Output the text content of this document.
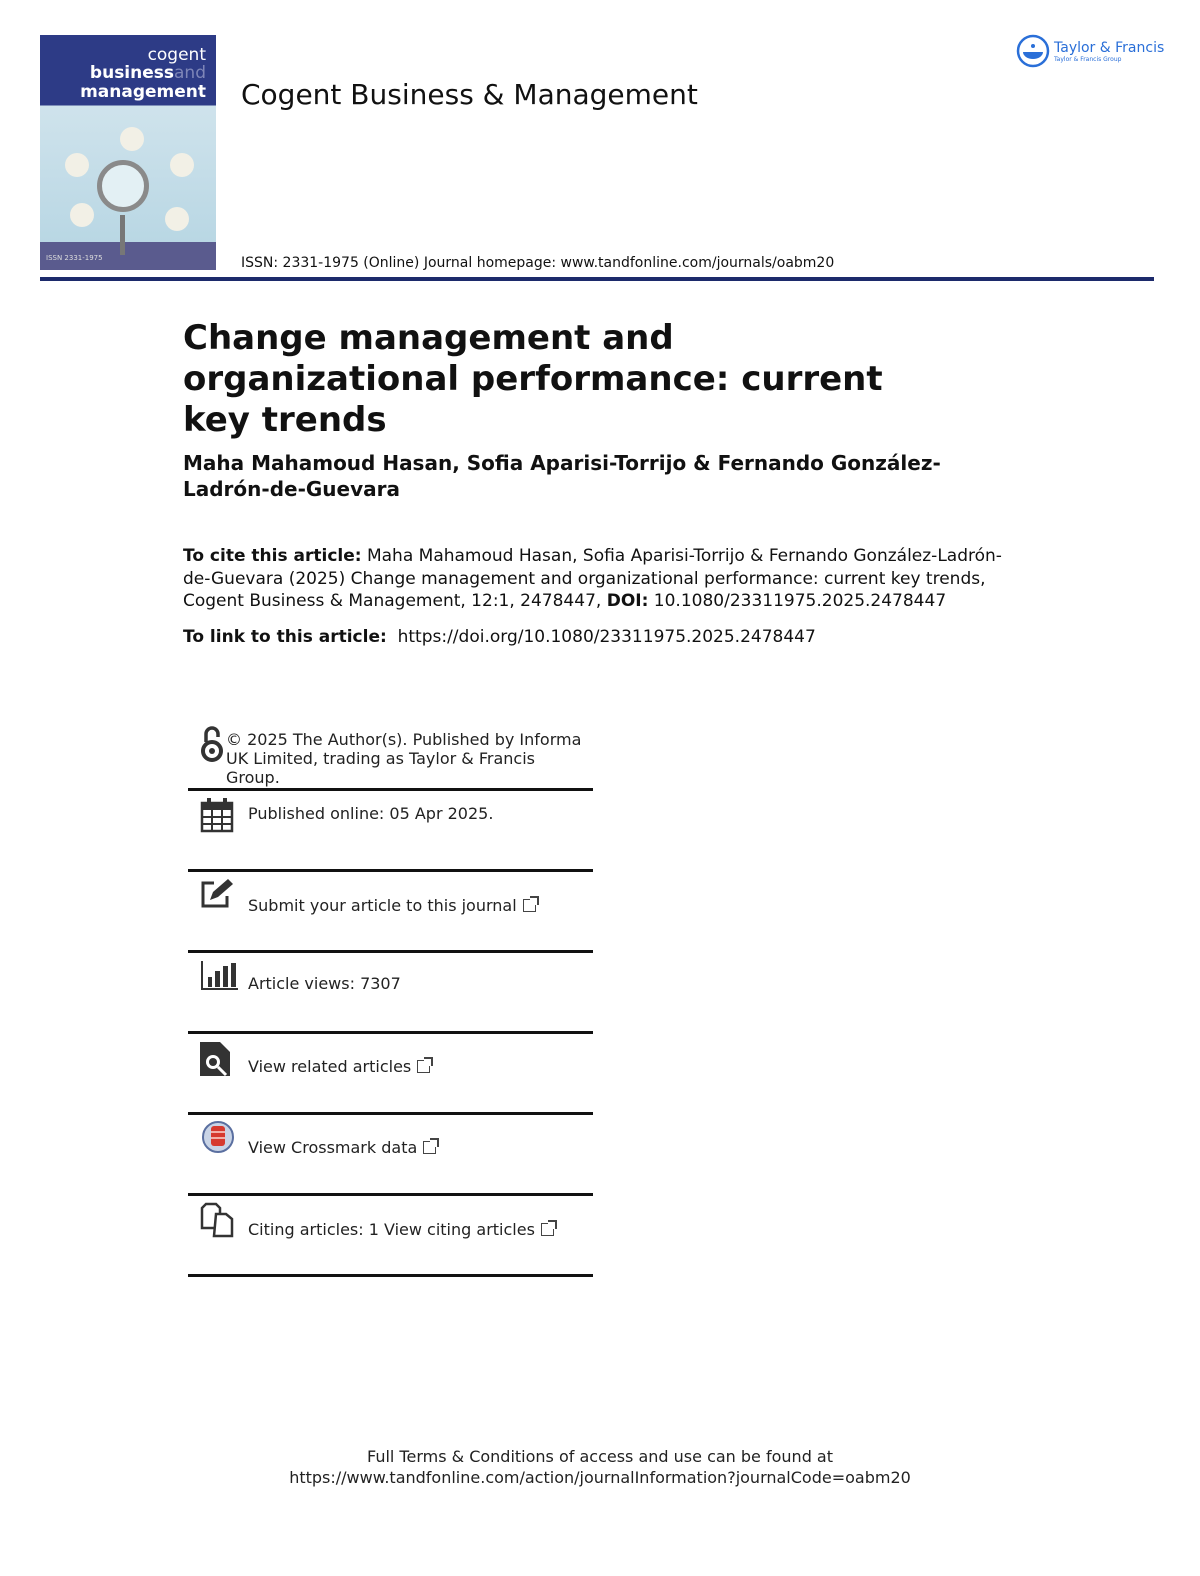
cogent
businessand
management
ISSN 2331-1975
Cogent Business & Management
ISSN: 2331-1975 (Online) Journal homepage: www.tandfonline.com/journals/oabm20
Taylor & Francis
Taylor & Francis Group
Change management and organizational performance: current key trends
Maha Mahamoud Hasan, Sofia Aparisi-Torrijo & Fernando González-Ladrón-de-Guevara
To cite this article: Maha Mahamoud Hasan, Sofia Aparisi-Torrijo & Fernando González-Ladrón-de-Guevara (2025) Change management and organizational performance: current key trends, Cogent Business & Management, 12:1, 2478447, DOI: 10.1080/23311975.2025.2478447
To link to this article: https://doi.org/10.1080/23311975.2025.2478447
© 2025 The Author(s). Published by Informa UK Limited, trading as Taylor & Francis Group.
Published online: 05 Apr 2025.
Submit your article to this journal
Article views: 7307
View related articles
View Crossmark data
Citing articles: 1 View citing articles
Full Terms & Conditions of access and use can be found at
https://www.tandfonline.com/action/journalInformation?journalCode=oabm20
